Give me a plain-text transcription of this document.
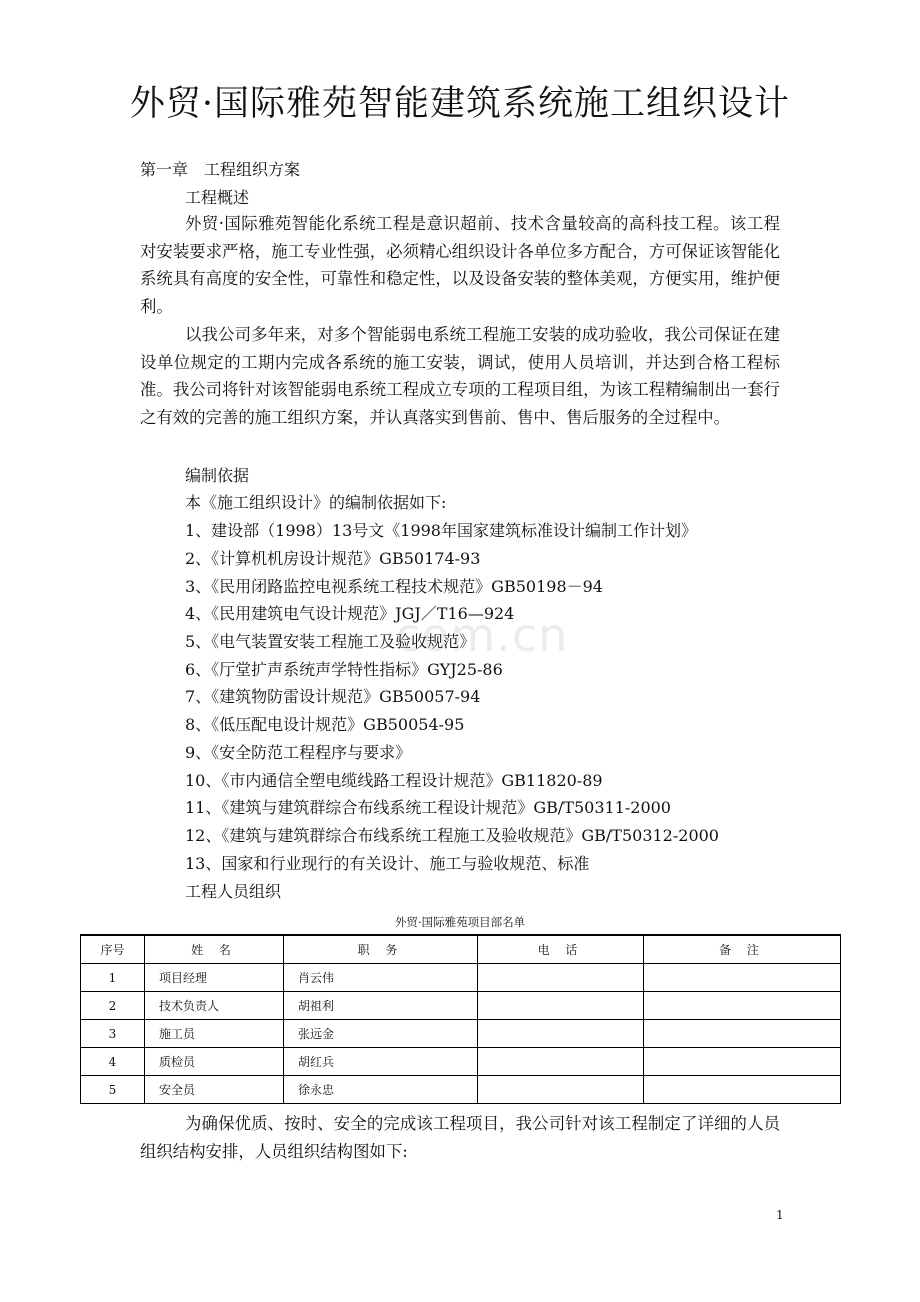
com.cn
外贸·国际雅苑智能建筑系统施工组织设计
第一章　工程组织方案
工程概述

外贸·国际雅苑智能化系统工程是意识超前、技术含量较高的高科技工程。该工程对安装要求严格，施工专业性强，必须精心组织设计各单位多方配合，方可保证该智能化系统具有高度的安全性，可靠性和稳定性，以及设备安装的整体美观，方便实用，维护便利。

以我公司多年来，对多个智能弱电系统工程施工安装的成功验收，我公司保证在建设单位规定的工期内完成各系统的施工安装，调试，使用人员培训，并达到合格工程标准。我公司将针对该智能弱电系统工程成立专项的工程项目组，为该工程精编制出一套行之有效的完善的施工组织方案，并认真落实到售前、售中、售后服务的全过程中。

编制依据
本《施工组织设计》的编制依据如下:
1、建设部（1998）13号文《1998年国家建筑标准设计编制工作计划》
2、《计算机机房设计规范》GB50174-93
3、《民用闭路监控电视系统工程技术规范》GB50198－94
4、《民用建筑电气设计规范》JGJ／T16—924
5、《电气装置安装工程施工及验收规范》
6、《厅堂扩声系统声学特性指标》GYJ25-86
7、《建筑物防雷设计规范》GB50057-94
8、《低压配电设计规范》GB50054-95
9、《安全防范工程程序与要求》
10、《市内通信全塑电缆线路工程设计规范》GB11820-89
11、《建筑与建筑群综合布线系统工程设计规范》GB/T50311-2000
12、《建筑与建筑群综合布线系统工程施工及验收规范》GB/T50312-2000
13、国家和行业现行的有关设计、施工与验收规范、标准
工程人员组织
外贸·国际雅苑项目部名单
序号	姓 名	职 务	电 话	备 注
1	项目经理	肖云伟		
2	技术负责人	胡祖利		
3	施工员	张远金		
4	质检员	胡红兵		
5	安全员	徐永忠		

为确保优质、按时、安全的完成该工程项目，我公司针对该工程制定了详细的人员组织结构安排，人员组织结构图如下:

1
